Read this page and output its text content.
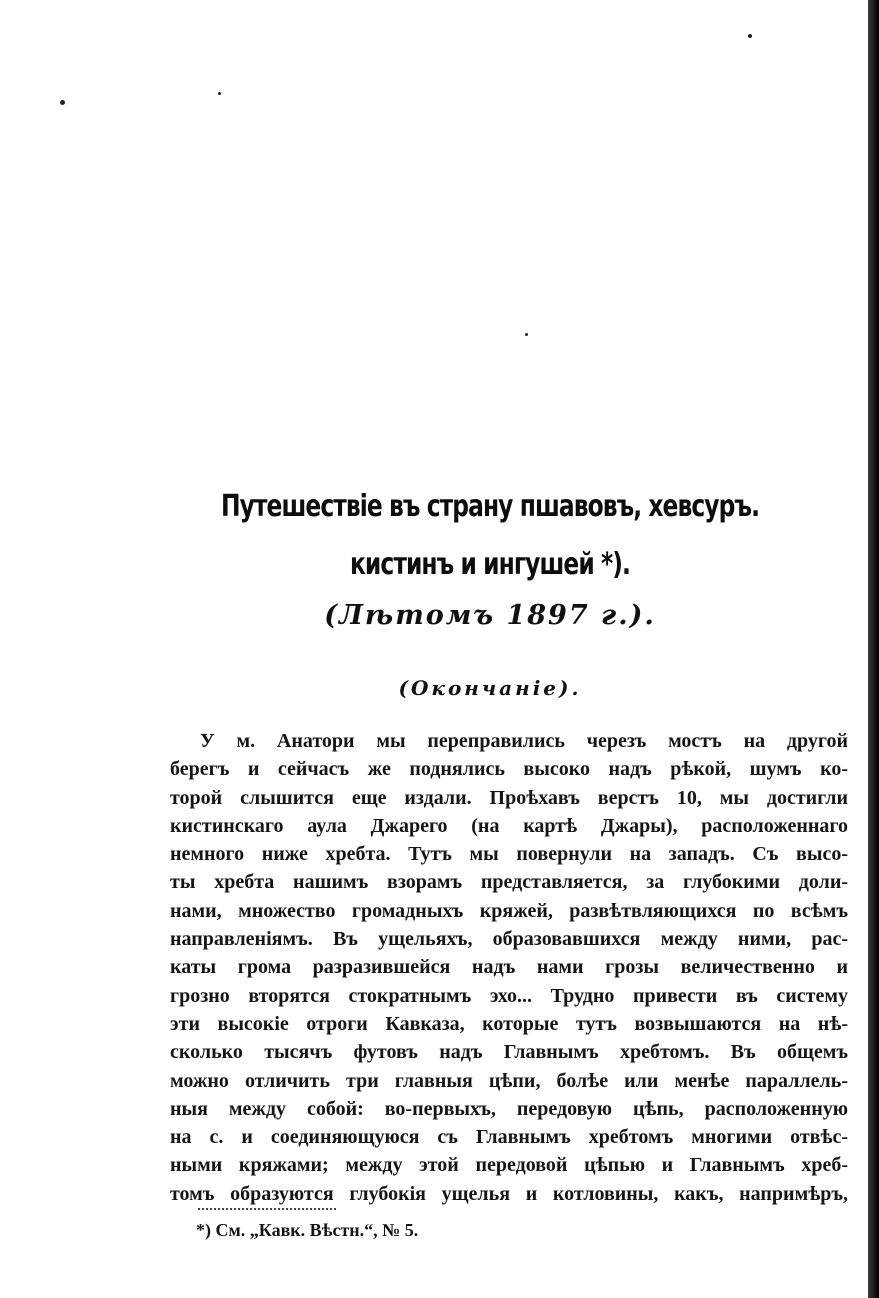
Путешествіе въ страну пшавовъ, хевсуръ. кистинъ и ингушей *).
(Лѣтомъ 1897 г.).
(Окончаніе).
У м. Анатори мы переправились черезъ мостъ на другой
берегъ и сейчасъ же поднялись высоко надъ рѣкой, шумъ ко-
торой слышится еще издали. Проѣхавъ верстъ 10, мы достигли
кистинскаго аула Джарего (на картѣ Джары), расположеннаго
немного ниже хребта. Тутъ мы повернули на западъ. Съ высо-
ты хребта нашимъ взорамъ представляется, за глубокими доли-
нами, множество громадныхъ кряжей, развѣтвляющихся по всѣмъ
направленіямъ. Въ ущельяхъ, образовавшихся между ними, рас-
каты грома разразившейся надъ нами грозы величественно и
грозно вторятся стократнымъ эхо... Трудно привести въ систему
эти высокіе отроги Кавказа, которые тутъ возвышаются на нѣ-
сколько тысячъ футовъ надъ Главнымъ хребтомъ. Въ общемъ
можно отличить три главныя цѣпи, болѣе или менѣе параллель-
ныя между собой: во-первыхъ, передовую цѣпь, расположенную
на с. и соединяющуюся съ Главнымъ хребтомъ многими отвѣс-
ными кряжами; между этой передовой цѣпью и Главнымъ хреб-
томъ образуются глубокія ущелья и котловины, какъ, напримѣръ,
*) См. „Кавк. Вѣстн.“, № 5.
